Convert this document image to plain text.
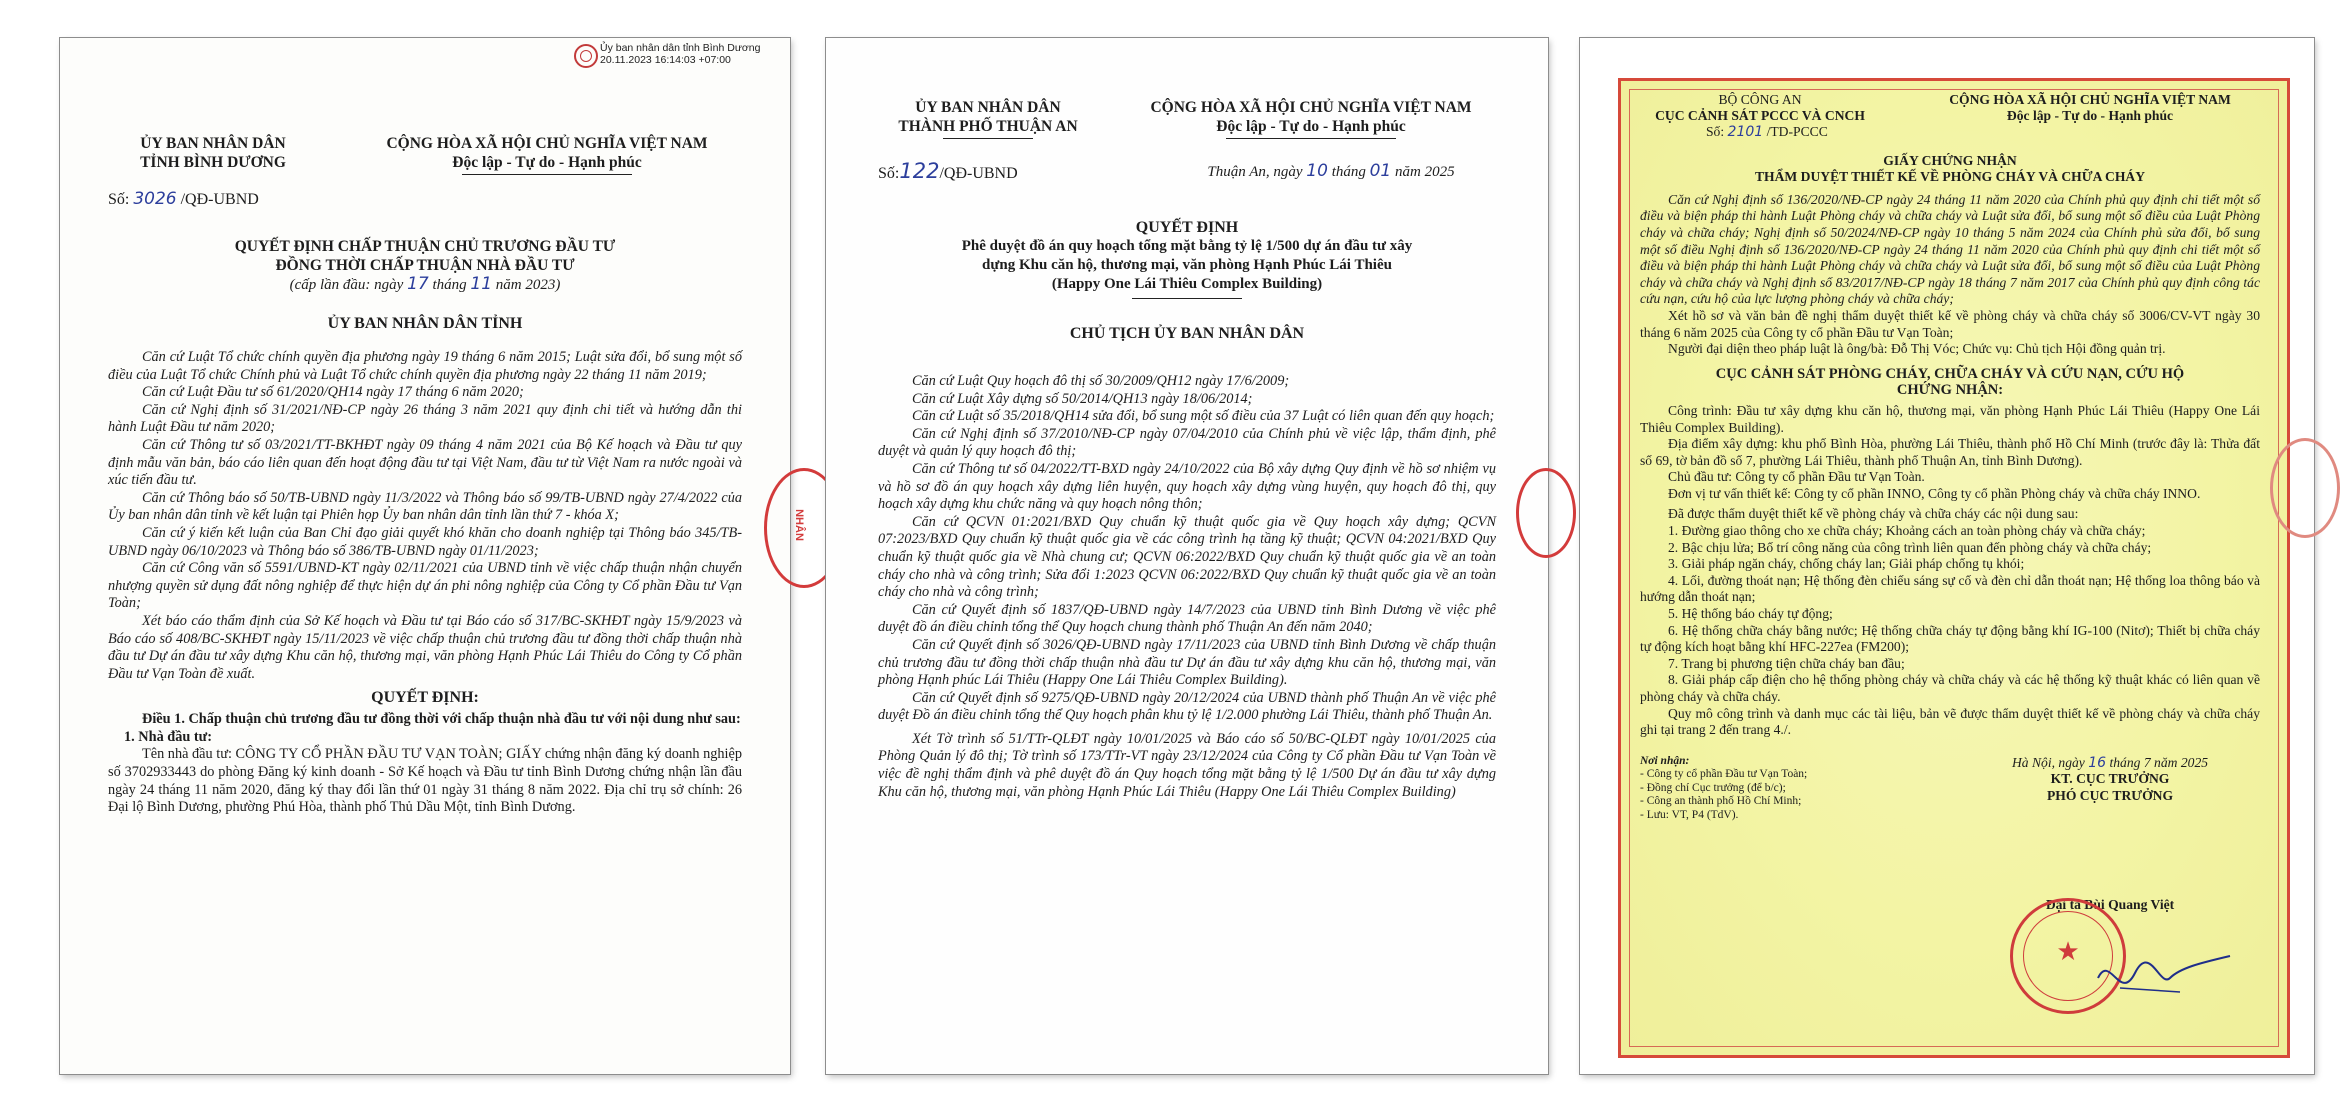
Ủy ban nhân dân tỉnh Bình Dương
20.11.2023 16:14:03 +07:00
ỦY BAN NHÂN DÂN
TỈNH BÌNH DƯƠNG
CỘNG HÒA XÃ HỘI CHỦ NGHĨA VIỆT NAM
Độc lập - Tự do - Hạnh phúc
Số: 3026 /QĐ-UBND
QUYẾT ĐỊNH CHẤP THUẬN CHỦ TRƯƠNG ĐẦU TƯ
ĐỒNG THỜI CHẤP THUẬN NHÀ ĐẦU TƯ
(cấp lần đầu: ngày 17 tháng 11 năm 2023)
ỦY BAN NHÂN DÂN TỈNH

Căn cứ Luật Tổ chức chính quyền địa phương ngày 19 tháng 6 năm 2015; Luật sửa đổi, bổ sung một số điều của Luật Tổ chức Chính phủ và Luật Tổ chức chính quyền địa phương ngày 22 tháng 11 năm 2019;

Căn cứ Luật Đầu tư số 61/2020/QH14 ngày 17 tháng 6 năm 2020;

Căn cứ Nghị định số 31/2021/NĐ-CP ngày 26 tháng 3 năm 2021 quy định chi tiết và hướng dẫn thi hành Luật Đầu tư năm 2020;

Căn cứ Thông tư số 03/2021/TT-BKHĐT ngày 09 tháng 4 năm 2021 của Bộ Kế hoạch và Đầu tư quy định mẫu văn bản, báo cáo liên quan đến hoạt động đầu tư tại Việt Nam, đầu tư từ Việt Nam ra nước ngoài và xúc tiến đầu tư.

Căn cứ Thông báo số 50/TB-UBND ngày 11/3/2022 và Thông báo số 99/TB-UBND ngày 27/4/2022 của Ủy ban nhân dân tỉnh về kết luận tại Phiên họp Ủy ban nhân dân tỉnh lần thứ 7 - khóa X;

Căn cứ ý kiến kết luận của Ban Chỉ đạo giải quyết khó khăn cho doanh nghiệp tại Thông báo 345/TB-UBND ngày 06/10/2023 và Thông báo số 386/TB-UBND ngày 01/11/2023;

Căn cứ Công văn số 5591/UBND-KT ngày 02/11/2021 của UBND tỉnh về việc chấp thuận nhận chuyển nhượng quyền sử dụng đất nông nghiệp để thực hiện dự án phi nông nghiệp của Công ty Cổ phần Đầu tư Vạn Toàn;

Xét báo cáo thẩm định của Sở Kế hoạch và Đầu tư tại Báo cáo số 317/BC-SKHĐT ngày 15/9/2023 và Báo cáo số 408/BC-SKHĐT ngày 15/11/2023 về việc chấp thuận chủ trương đầu tư đồng thời chấp thuận nhà đầu tư Dự án đầu tư xây dựng Khu căn hộ, thương mại, văn phòng Hạnh Phúc Lái Thiêu do Công ty Cổ phần Đầu tư Vạn Toàn đề xuất.

QUYẾT ĐỊNH:

Điều 1. Chấp thuận chủ trương đầu tư đồng thời với chấp thuận nhà đầu tư với nội dung như sau:

1. Nhà đầu tư:

Tên nhà đầu tư: CÔNG TY CỔ PHẦN ĐẦU TƯ VẠN TOÀN; GIẤY chứng nhận đăng ký doanh nghiệp số 3702933443 do phòng Đăng ký kinh doanh - Sở Kế hoạch và Đầu tư tỉnh Bình Dương chứng nhận lần đầu ngày 24 tháng 11 năm 2020, đăng ký thay đổi lần thứ 01 ngày 31 tháng 8 năm 2022. Địa chỉ trụ sở chính: 26 Đại lộ Bình Dương, phường Phú Hòa, thành phố Thủ Dầu Một, tỉnh Bình Dương.

NHÂN
ỦY BAN NHÂN DÂN
THÀNH PHỐ THUẬN AN
CỘNG HÒA XÃ HỘI CHỦ NGHĨA VIỆT NAM
Độc lập - Tự do - Hạnh phúc
Số:122/QĐ-UBND	Thuận An, ngày 10 tháng 01 năm 2025
QUYẾT ĐỊNH
Phê duyệt đồ án quy hoạch tổng mặt bằng tỷ lệ 1/500 dự án đầu tư xây
dựng Khu căn hộ, thương mại, văn phòng Hạnh Phúc Lái Thiêu
(Happy One Lái Thiêu Complex Building)
CHỦ TỊCH ỦY BAN NHÂN DÂN

Căn cứ Luật Quy hoạch đô thị số 30/2009/QH12 ngày 17/6/2009;

Căn cứ Luật Xây dựng số 50/2014/QH13 ngày 18/06/2014;

Căn cứ Luật số 35/2018/QH14 sửa đổi, bổ sung một số điều của 37 Luật có liên quan đến quy hoạch;

Căn cứ Nghị định số 37/2010/NĐ-CP ngày 07/04/2010 của Chính phủ về việc lập, thẩm định, phê duyệt và quản lý quy hoạch đô thị;

Căn cứ Thông tư số 04/2022/TT-BXD ngày 24/10/2022 của Bộ xây dựng Quy định về hồ sơ nhiệm vụ và hồ sơ đồ án quy hoạch xây dựng liên huyện, quy hoạch xây dựng vùng huyện, quy hoạch đô thị, quy hoạch xây dựng khu chức năng và quy hoạch nông thôn;

Căn cứ QCVN 01:2021/BXD Quy chuẩn kỹ thuật quốc gia về Quy hoạch xây dựng; QCVN 07:2023/BXD Quy chuẩn kỹ thuật quốc gia về các công trình hạ tầng kỹ thuật; QCVN 04:2021/BXD Quy chuẩn kỹ thuật quốc gia về Nhà chung cư; QCVN 06:2022/BXD Quy chuẩn kỹ thuật quốc gia về an toàn cháy cho nhà và công trình; Sửa đổi 1:2023 QCVN 06:2022/BXD Quy chuẩn kỹ thuật quốc gia về an toàn cháy cho nhà và công trình;

Căn cứ Quyết định số 1837/QĐ-UBND ngày 14/7/2023 của UBND tỉnh Bình Dương về việc phê duyệt đồ án điều chỉnh tổng thể Quy hoạch chung thành phố Thuận An đến năm 2040;

Căn cứ Quyết định số 3026/QĐ-UBND ngày 17/11/2023 của UBND tỉnh Bình Dương về chấp thuận chủ trương đầu tư đồng thời chấp thuận nhà đầu tư Dự án đầu tư xây dựng khu căn hộ, thương mại, văn phòng Hạnh phúc Lái Thiêu (Happy One Lái Thiêu Complex Building).

Căn cứ Quyết định số 9275/QĐ-UBND ngày 20/12/2024 của UBND thành phố Thuận An về việc phê duyệt Đồ án điều chỉnh tổng thể Quy hoạch phân khu tỷ lệ 1/2.000 phường Lái Thiêu, thành phố Thuận An.

Xét Tờ trình số 51/TTr-QLĐT ngày 10/01/2025 và Báo cáo số 50/BC-QLĐT ngày 10/01/2025 của Phòng Quản lý đô thị; Tờ trình số 173/TTr-VT ngày 23/12/2024 của Công ty Cổ phần Đầu tư Vạn Toàn về việc đề nghị thẩm định và phê duyệt đồ án Quy hoạch tổng mặt bằng tỷ lệ 1/500 Dự án đầu tư xây dựng Khu căn hộ, thương mại, văn phòng Hạnh Phúc Lái Thiêu (Happy One Lái Thiêu Complex Building)

BỘ CÔNG AN
CỤC CẢNH SÁT PCCC VÀ CNCH
CỘNG HÒA XÃ HỘI CHỦ NGHĨA VIỆT NAM
Độc lập - Tự do - Hạnh phúc
Số: 2101 /TD-PCCC
GIẤY CHỨNG NHẬN
THẨM DUYỆT THIẾT KẾ VỀ PHÒNG CHÁY VÀ CHỮA CHÁY

Căn cứ Nghị định số 136/2020/NĐ-CP ngày 24 tháng 11 năm 2020 của Chính phủ quy định chi tiết một số điều và biện pháp thi hành Luật Phòng cháy và chữa cháy và Luật sửa đổi, bổ sung một số điều của Luật Phòng cháy và chữa cháy; Nghị định số 50/2024/NĐ-CP ngày 10 tháng 5 năm 2024 của Chính phủ sửa đổi, bổ sung một số điều Nghị định số 136/2020/NĐ-CP ngày 24 tháng 11 năm 2020 của Chính phủ quy định chi tiết một số điều và biện pháp thi hành Luật Phòng cháy và chữa cháy và Luật sửa đổi, bổ sung một số điều của Luật Phòng cháy và chữa cháy và Nghị định số 83/2017/NĐ-CP ngày 18 tháng 7 năm 2017 của Chính phủ quy định công tác cứu nạn, cứu hộ của lực lượng phòng cháy và chữa cháy;

Xét hồ sơ và văn bản đề nghị thẩm duyệt thiết kế về phòng cháy và chữa cháy số 3006/CV-VT ngày 30 tháng 6 năm 2025 của Công ty cổ phần Đầu tư Vạn Toàn;

Người đại diện theo pháp luật là ông/bà: Đỗ Thị Vóc; Chức vụ: Chủ tịch Hội đồng quản trị.

CỤC CẢNH SÁT PHÒNG CHÁY, CHỮA CHÁY VÀ CỨU NẠN, CỨU HỘ
CHỨNG NHẬN:

Công trình: Đầu tư xây dựng khu căn hộ, thương mại, văn phòng Hạnh Phúc Lái Thiêu (Happy One Lái Thiêu Complex Building).

Địa điểm xây dựng: khu phố Bình Hòa, phường Lái Thiêu, thành phố Hồ Chí Minh (trước đây là: Thửa đất số 69, tờ bản đồ số 7, phường Lái Thiêu, thành phố Thuận An, tỉnh Bình Dương).

Chủ đầu tư: Công ty cổ phần Đầu tư Vạn Toàn.

Đơn vị tư vấn thiết kế: Công ty cổ phần INNO, Công ty cổ phần Phòng cháy và chữa cháy INNO.

Đã được thẩm duyệt thiết kế về phòng cháy và chữa cháy các nội dung sau:

1. Đường giao thông cho xe chữa cháy; Khoảng cách an toàn phòng cháy và chữa cháy;

2. Bậc chịu lửa; Bố trí công năng của công trình liên quan đến phòng cháy và chữa cháy;

3. Giải pháp ngăn cháy, chống cháy lan; Giải pháp chống tụ khói;

4. Lối, đường thoát nạn; Hệ thống đèn chiếu sáng sự cố và đèn chỉ dẫn thoát nạn; Hệ thống loa thông báo và hướng dẫn thoát nạn;

5. Hệ thống báo cháy tự động;

6. Hệ thống chữa cháy bằng nước; Hệ thống chữa cháy tự động bằng khí IG-100 (Nitơ); Thiết bị chữa cháy tự động kích hoạt bằng khí HFC-227ea (FM200);

7. Trang bị phương tiện chữa cháy ban đầu;

8. Giải pháp cấp điện cho hệ thống phòng cháy và chữa cháy và các hệ thống kỹ thuật khác có liên quan về phòng cháy và chữa cháy.

Quy mô công trình và danh mục các tài liệu, bản vẽ được thẩm duyệt thiết kế về phòng cháy và chữa cháy ghi tại trang 2 đến trang 4./.

Nơi nhận:
- Công ty cổ phần Đầu tư Vạn Toàn;
- Đồng chí Cục trưởng (để b/c);
- Công an thành phố Hồ Chí Minh;
- Lưu: VT, P4 (TdV).
Hà Nội, ngày 16 tháng 7 năm 2025
KT. CỤC TRƯỞNG
PHÓ CỤC TRƯỞNG
Đại tá Bùi Quang Việt
★
